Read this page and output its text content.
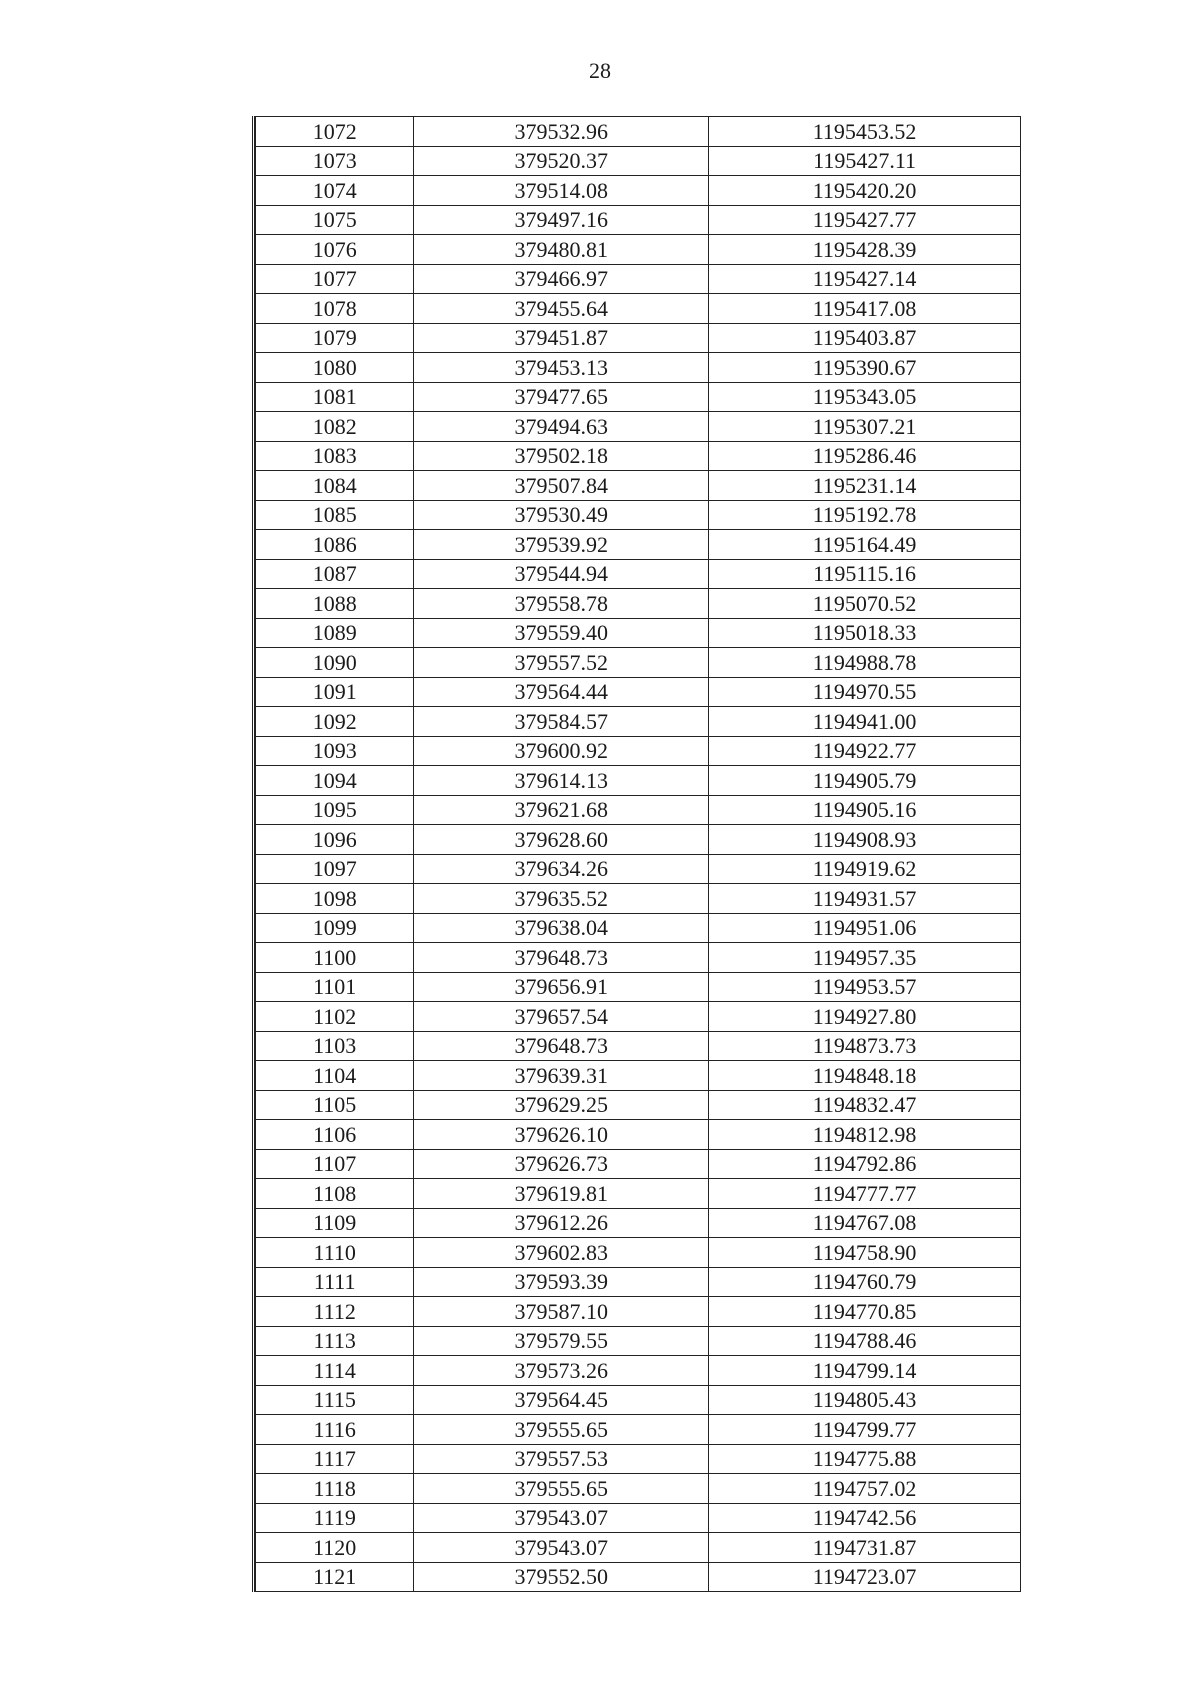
28
1072	379532.96	1195453.52
1073	379520.37	1195427.11
1074	379514.08	1195420.20
1075	379497.16	1195427.77
1076	379480.81	1195428.39
1077	379466.97	1195427.14
1078	379455.64	1195417.08
1079	379451.87	1195403.87
1080	379453.13	1195390.67
1081	379477.65	1195343.05
1082	379494.63	1195307.21
1083	379502.18	1195286.46
1084	379507.84	1195231.14
1085	379530.49	1195192.78
1086	379539.92	1195164.49
1087	379544.94	1195115.16
1088	379558.78	1195070.52
1089	379559.40	1195018.33
1090	379557.52	1194988.78
1091	379564.44	1194970.55
1092	379584.57	1194941.00
1093	379600.92	1194922.77
1094	379614.13	1194905.79
1095	379621.68	1194905.16
1096	379628.60	1194908.93
1097	379634.26	1194919.62
1098	379635.52	1194931.57
1099	379638.04	1194951.06
1100	379648.73	1194957.35
1101	379656.91	1194953.57
1102	379657.54	1194927.80
1103	379648.73	1194873.73
1104	379639.31	1194848.18
1105	379629.25	1194832.47
1106	379626.10	1194812.98
1107	379626.73	1194792.86
1108	379619.81	1194777.77
1109	379612.26	1194767.08
1110	379602.83	1194758.90
1111	379593.39	1194760.79
1112	379587.10	1194770.85
1113	379579.55	1194788.46
1114	379573.26	1194799.14
1115	379564.45	1194805.43
1116	379555.65	1194799.77
1117	379557.53	1194775.88
1118	379555.65	1194757.02
1119	379543.07	1194742.56
1120	379543.07	1194731.87
1121	379552.50	1194723.07
